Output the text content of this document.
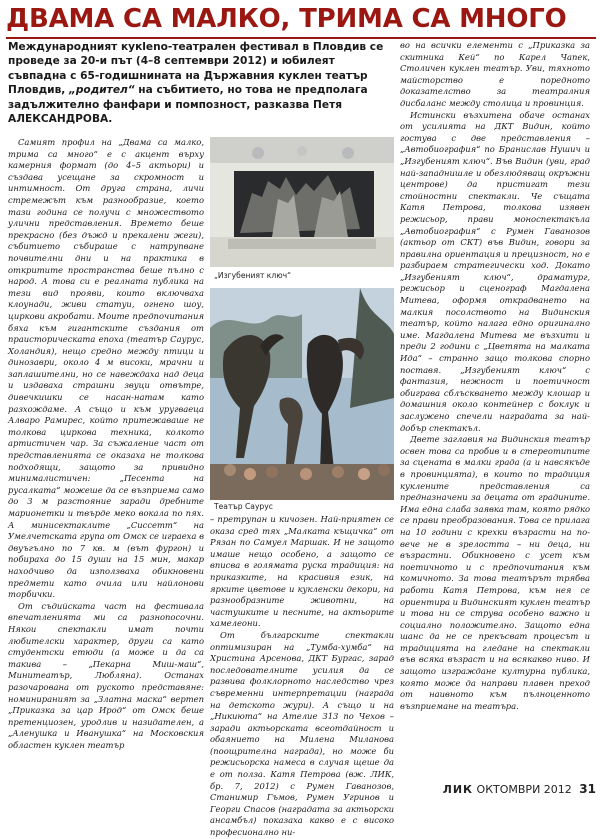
ДВАМА СА МАЛКО, ТРИМА СА МНОГО

Международният кукleno-театрален фестивал в Пловдив се проведе за 20-и път (4–8 септември 2012) и юбилеят съвпадна с 65-годишнината на Държавния куклен театър Пловдив, „родител“ на събитието, но това не предполага задължително фанфари и помпозност, разказва Петя АЛЕКСАНДРОВА.

Самият профил на „Двама са малко, трима са много“ е с акцент върху камерния формат (до 4–5 актьори) и създава усещане за скромност и интимност. От друга страна, личи стремежът към разнообразие, което тази година се получи с множеството улични представления. Времето беше прекрасно (без дъжд и прекалени жеги), събитието събираше с натрупване почвителни дни и на практика в откритите пространства беше пълно с народ. А това си е реалната публика на тези вид прояви, които включваха клоунади, живи статуи, огнено шоу, циркови акробати. Моите предпочитания бяха към гигантските създания от праисторическата епоха (театър Саурус, Холандия), нещо средно между птици и динозаври, около 4 м високи, мрачни и заплашителни, но се навеждаха над деца и издаваха страшни звуци отвътре, дивечкишки се насан-натам като разхождаме. А също и към уругваеца Алваро Рамирес, който притежаваше не толкова циркова техника, колкото артистичен чар. За съжаление част от представленията се оказаха не толкова подходящи, защото за привидно минималистичен: „Песента на русалката“ можеше да се възприема само до 3 м разстояние заради дребните марионетки и твърде меко вокала по пях. А минисектаклите „Сиссетт“ на Умелчетската група от Омск се играеха в двуъгълно по 7 кв. м (вът фургон) и побираха до 15 души на 15 мин, макар находчиво да използваха обикновени предмети като очила или найлонови торбички.

От съдийската част на фестивала впечатленията ми са разнопосочни. Някои спектакли имат почти любителски характер, други са като студентски етюди (а може и да са такива – „Пекарна Миш-маш“, Минитеатър, Любляна). Останах разочарована от руското представяне: номинираният за „Златна маска“ вертеп „Приказка за цар Ирод“ от Омск беше претенциозен, уродлив и назидателен, а „Аленушка и Иванушка“ на Московския областен куклен театър

„Изгубеният ключ“
Театър Саурус

– претрупан и кичозен. Най-приятен се оказа сред тях „Малката къщичка“ от Рязан по Самуел Маршак. И не защото имаше нещо особено, а защото се вписва в голямата руска традиция: на приказките, на красивия език, на ярките цветове и кукленски декори, на разнообразните животни, на частушките и песните, на актьорите хамелеони.

От българските спектакли оптимизиран на „Тумба-хумба“ на Христина Арсенова, ДКТ Бургас, зарад последователните усилия да се развива фолклорното наследство чрез съвременни интерпретации (награда на детското жури). А също и на „Никиюта“ на Ателие 313 по Чехов – заради актьорската всеотдайност и обаянието на Милена Миланова (поощрителна награда), но може би режисьорска намеса в случая щеше да е от полза. Катя Петрова (вж. ЛИК, бр. 7, 2012) с Румен Гаванозов, Станимир Гъмов, Румен Угринов и Георги Спасов (наградата за актьорски ансамбъл) показаха какво е с високо професионално ни-

во на всички елементи с „Приказка за скитника Кей“ по Карел Чапек, Столичен куклен театър. Уви, тяхното майсторство е поредното доказателство за театралния дисбаланс между столица и провинция.

Истински възхитена обаче останах от усилията на ДКТ Видин, който гостува с две представления – „Автобиография“ по Бранислав Нушич и „Изгубеният ключ“. Във Видин (уви, град най-западнишле и обезлюдяващ окръжни центрове) да пристигат тези стойностни спектакли. Че същата Катя Петрова, толкова изявен режисьор, прави моноспектакъла „Автобиография“ с Румен Гаванозов (актьор от СКТ) във Видин, говори за правилна ориентация и прецизност, но е разбираем стратегически ход. Докато „Изгубеният ключ“, драматург, режисьор и сценограф Магдалена Митева, оформя открадването на малкия посолството на Видинския театър, който налага едно оригинално име. Магдалена Митева ме възхити и преди 2 години с „Цветята на малката Ида“ – странно защо толкова спорно поставя. „Изгубеният ключ“ с фантазия, нежност и поетичност обиграва сблъскването между клошар и домашния около контейнер с боклук и заслужено спечели наградата за най-добър спектакъл.

Двете заглавия на Видинския театър освен това са пробив и в стереотипите за сцената в малки града (а и навсякъде в провинцията), в които по традиция куклените представления са предназначени за децата от градините. Има една слаба заявка там, която рядко се прави преобразования. Това се прилага на 10 години с крехки възрасти на по-вече не в зрелостта – ни деца, ни възрастни. Обикновено с усет към поетичното и с предпочитания към комичното. За това театърът трябва работи Катя Петрова, към нея се ориентира и Видинският куклен театър и това ни се струва особено важно и социално положително. Защото една шанс да не се прекъсват процесът и традицията на гледане на спектакли във всяка възраст и на всякакво ниво. И защото изграждане културна публика, която може да направи плавен преход от наивното към пълноценното възприемане на театъра.

ЛИК ОКТОМВРИ 2012 31
